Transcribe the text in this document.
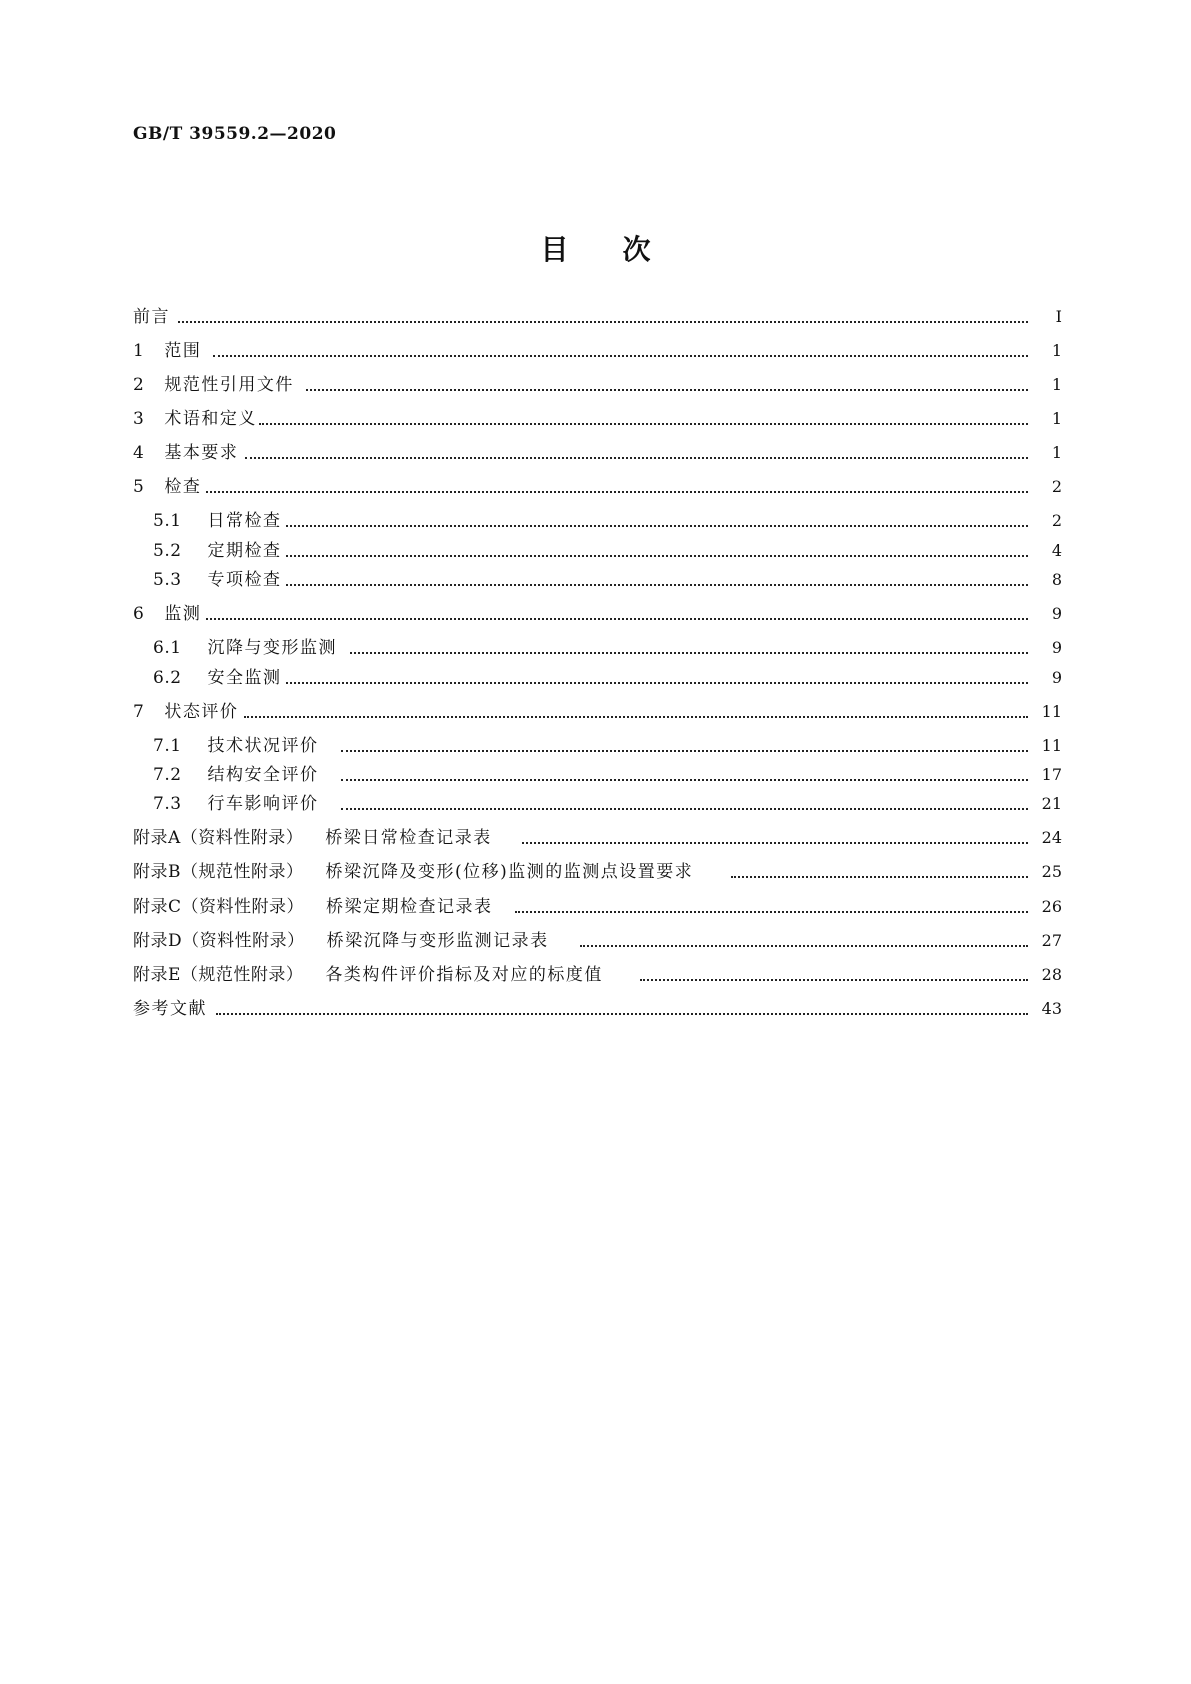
GB/T 39559.2—2020
目次
前言	Ⅰ
1 范围	1
2 规范性引用文件	1
3 术语和定义	1
4 基本要求	1
5 检查	2
5.1 日常检查	2
5.2 定期检查	4
5.3 专项检查	8
6 监测	9
6.1 沉降与变形监测	9
6.2 安全监测	9
7 状态评价	11
7.1 技术状况评价	11
7.2 结构安全评价	17
7.3 行车影响评价	21
附录A（资料性附录） 桥梁日常检查记录表	24
附录B（规范性附录） 桥梁沉降及变形(位移)监测的监测点设置要求	25
附录C（资料性附录） 桥梁定期检查记录表	26
附录D（资料性附录） 桥梁沉降与变形监测记录表	27
附录E（规范性附录） 各类构件评价指标及对应的标度值	28
参考文献	43
